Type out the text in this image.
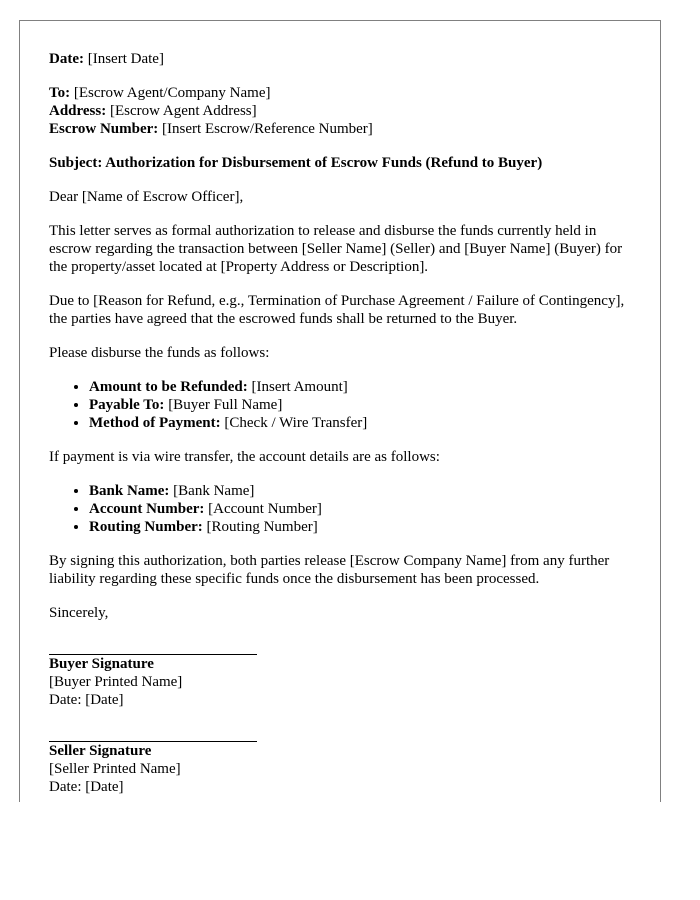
Date: [Insert Date]
To: [Escrow Agent/Company Name]
Address: [Escrow Agent Address]
Escrow Number: [Insert Escrow/Reference Number]

Subject: Authorization for Disbursement of Escrow Funds (Refund to Buyer)

Dear [Name of Escrow Officer],

This letter serves as formal authorization to release and disburse the funds currently held in escrow regarding the transaction between [Seller Name] (Seller) and [Buyer Name] (Buyer) for the property/asset located at [Property Address or Description].

Due to [Reason for Refund, e.g., Termination of Purchase Agreement / Failure of Contingency], the parties have agreed that the escrowed funds shall be returned to the Buyer.

Please disburse the funds as follows:

• Amount to be Refunded: [Insert Amount]
• Payable To: [Buyer Full Name]
• Method of Payment: [Check / Wire Transfer]

If payment is via wire transfer, the account details are as follows:

• Bank Name: [Bank Name]
• Account Number: [Account Number]
• Routing Number: [Routing Number]

By signing this authorization, both parties release [Escrow Company Name] from any further liability regarding these specific funds once the disbursement has been processed.

Sincerely,

Buyer Signature
[Buyer Printed Name]
Date: [Date]
Seller Signature
[Seller Printed Name]
Date: [Date]
